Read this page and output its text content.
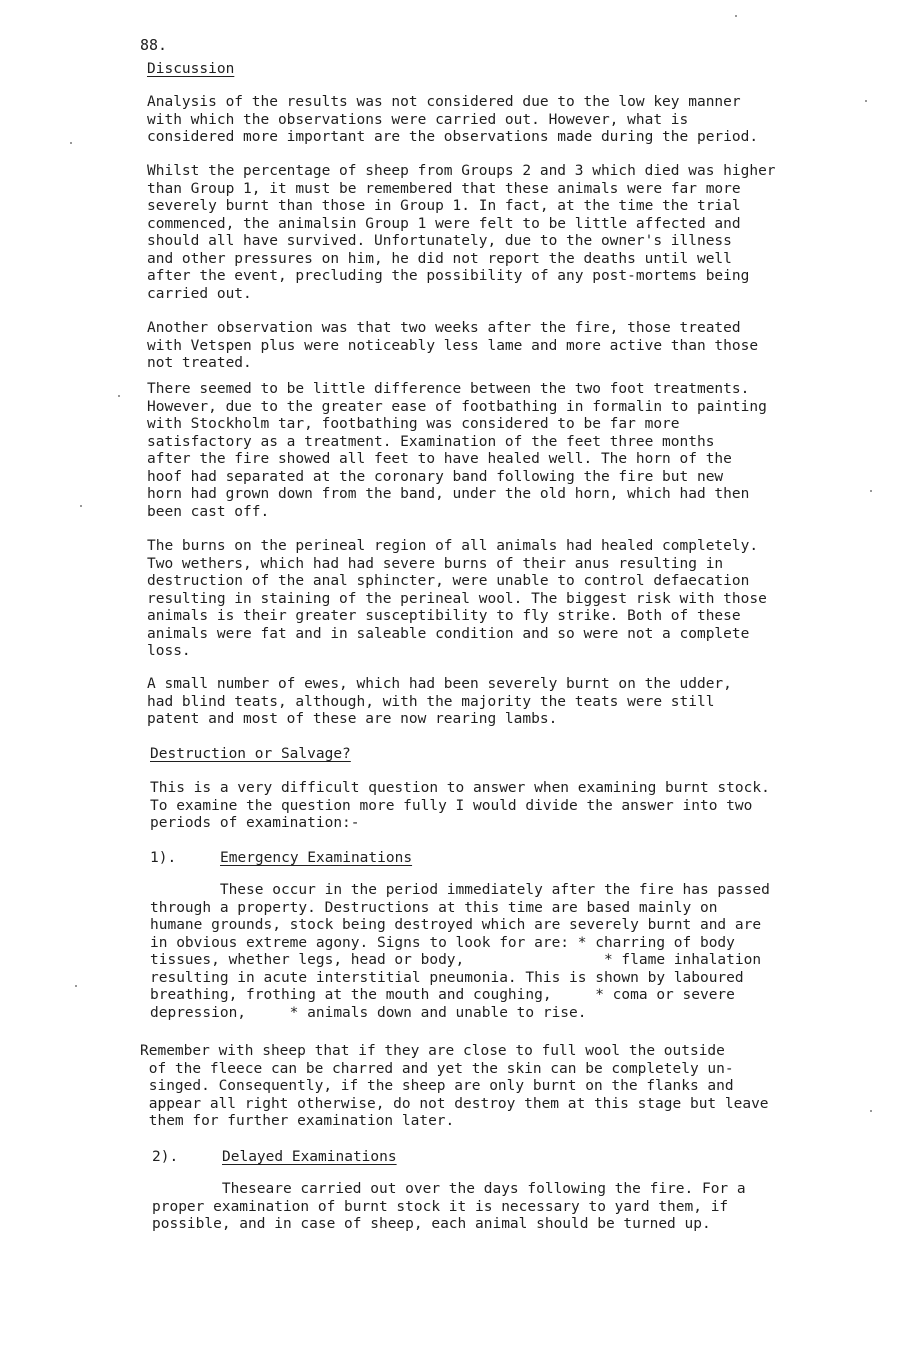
88.
Discussion
Analysis of the results was not considered due to the low key manner
with which the observations were carried out. However, what is
considered more important are the observations made during the period.
Whilst the percentage of sheep from Groups 2 and 3 which died was higher
than Group 1, it must be remembered that these animals were far more
severely burnt than those in Group 1. In fact, at the time the trial
commenced, the animalsin Group 1 were felt to be little affected and
should all have survived. Unfortunately, due to the owner's illness
and other pressures on him, he did not report the deaths until well
after the event, precluding the possibility of any post-mortems being
carried out.
Another observation was that two weeks after the fire, those treated
with Vetspen plus were noticeably less lame and more active than those
not treated.
There seemed to be little difference between the two foot treatments.
However, due to the greater ease of footbathing in formalin to painting
with Stockholm tar, footbathing was considered to be far more
satisfactory as a treatment. Examination of the feet three months
after the fire showed all feet to have healed well. The horn of the
hoof had separated at the coronary band following the fire but new
horn had grown down from the band, under the old horn, which had then
been cast off.
The burns on the perineal region of all animals had healed completely.
Two wethers, which had had severe burns of their anus resulting in
destruction of the anal sphincter, were unable to control defaecation
resulting in staining of the perineal wool. The biggest risk with those
animals is their greater susceptibility to fly strike. Both of these
animals were fat and in saleable condition and so were not a complete
loss.
A small number of ewes, which had been severely burnt on the udder,
had blind teats, although, with the majority the teats were still
patent and most of these are now rearing lambs.
Destruction or Salvage?
This is a very difficult question to answer when examining burnt stock.
To examine the question more fully I would divide the answer into two
periods of examination:-
1).	Emergency Examinations
These occur in the period immediately after the fire has passed
through a property. Destructions at this time are based mainly on
humane grounds, stock being destroyed which are severely burnt and are
in obvious extreme agony. Signs to look for are: * charring of body
tissues, whether legs, head or body,                * flame inhalation
resulting in acute interstitial pneumonia. This is shown by laboured
breathing, frothing at the mouth and coughing,     * coma or severe
depression,     * animals down and unable to rise.
Remember with sheep that if they are close to full wool the outside
of the fleece can be charred and yet the skin can be completely un-
singed. Consequently, if the sheep are only burnt on the flanks and
appear all right otherwise, do not destroy them at this stage but leave
them for further examination later.
2).	Delayed Examinations
Theseare carried out over the days following the fire. For a
proper examination of burnt stock it is necessary to yard them, if
possible, and in case of sheep, each animal should be turned up.
